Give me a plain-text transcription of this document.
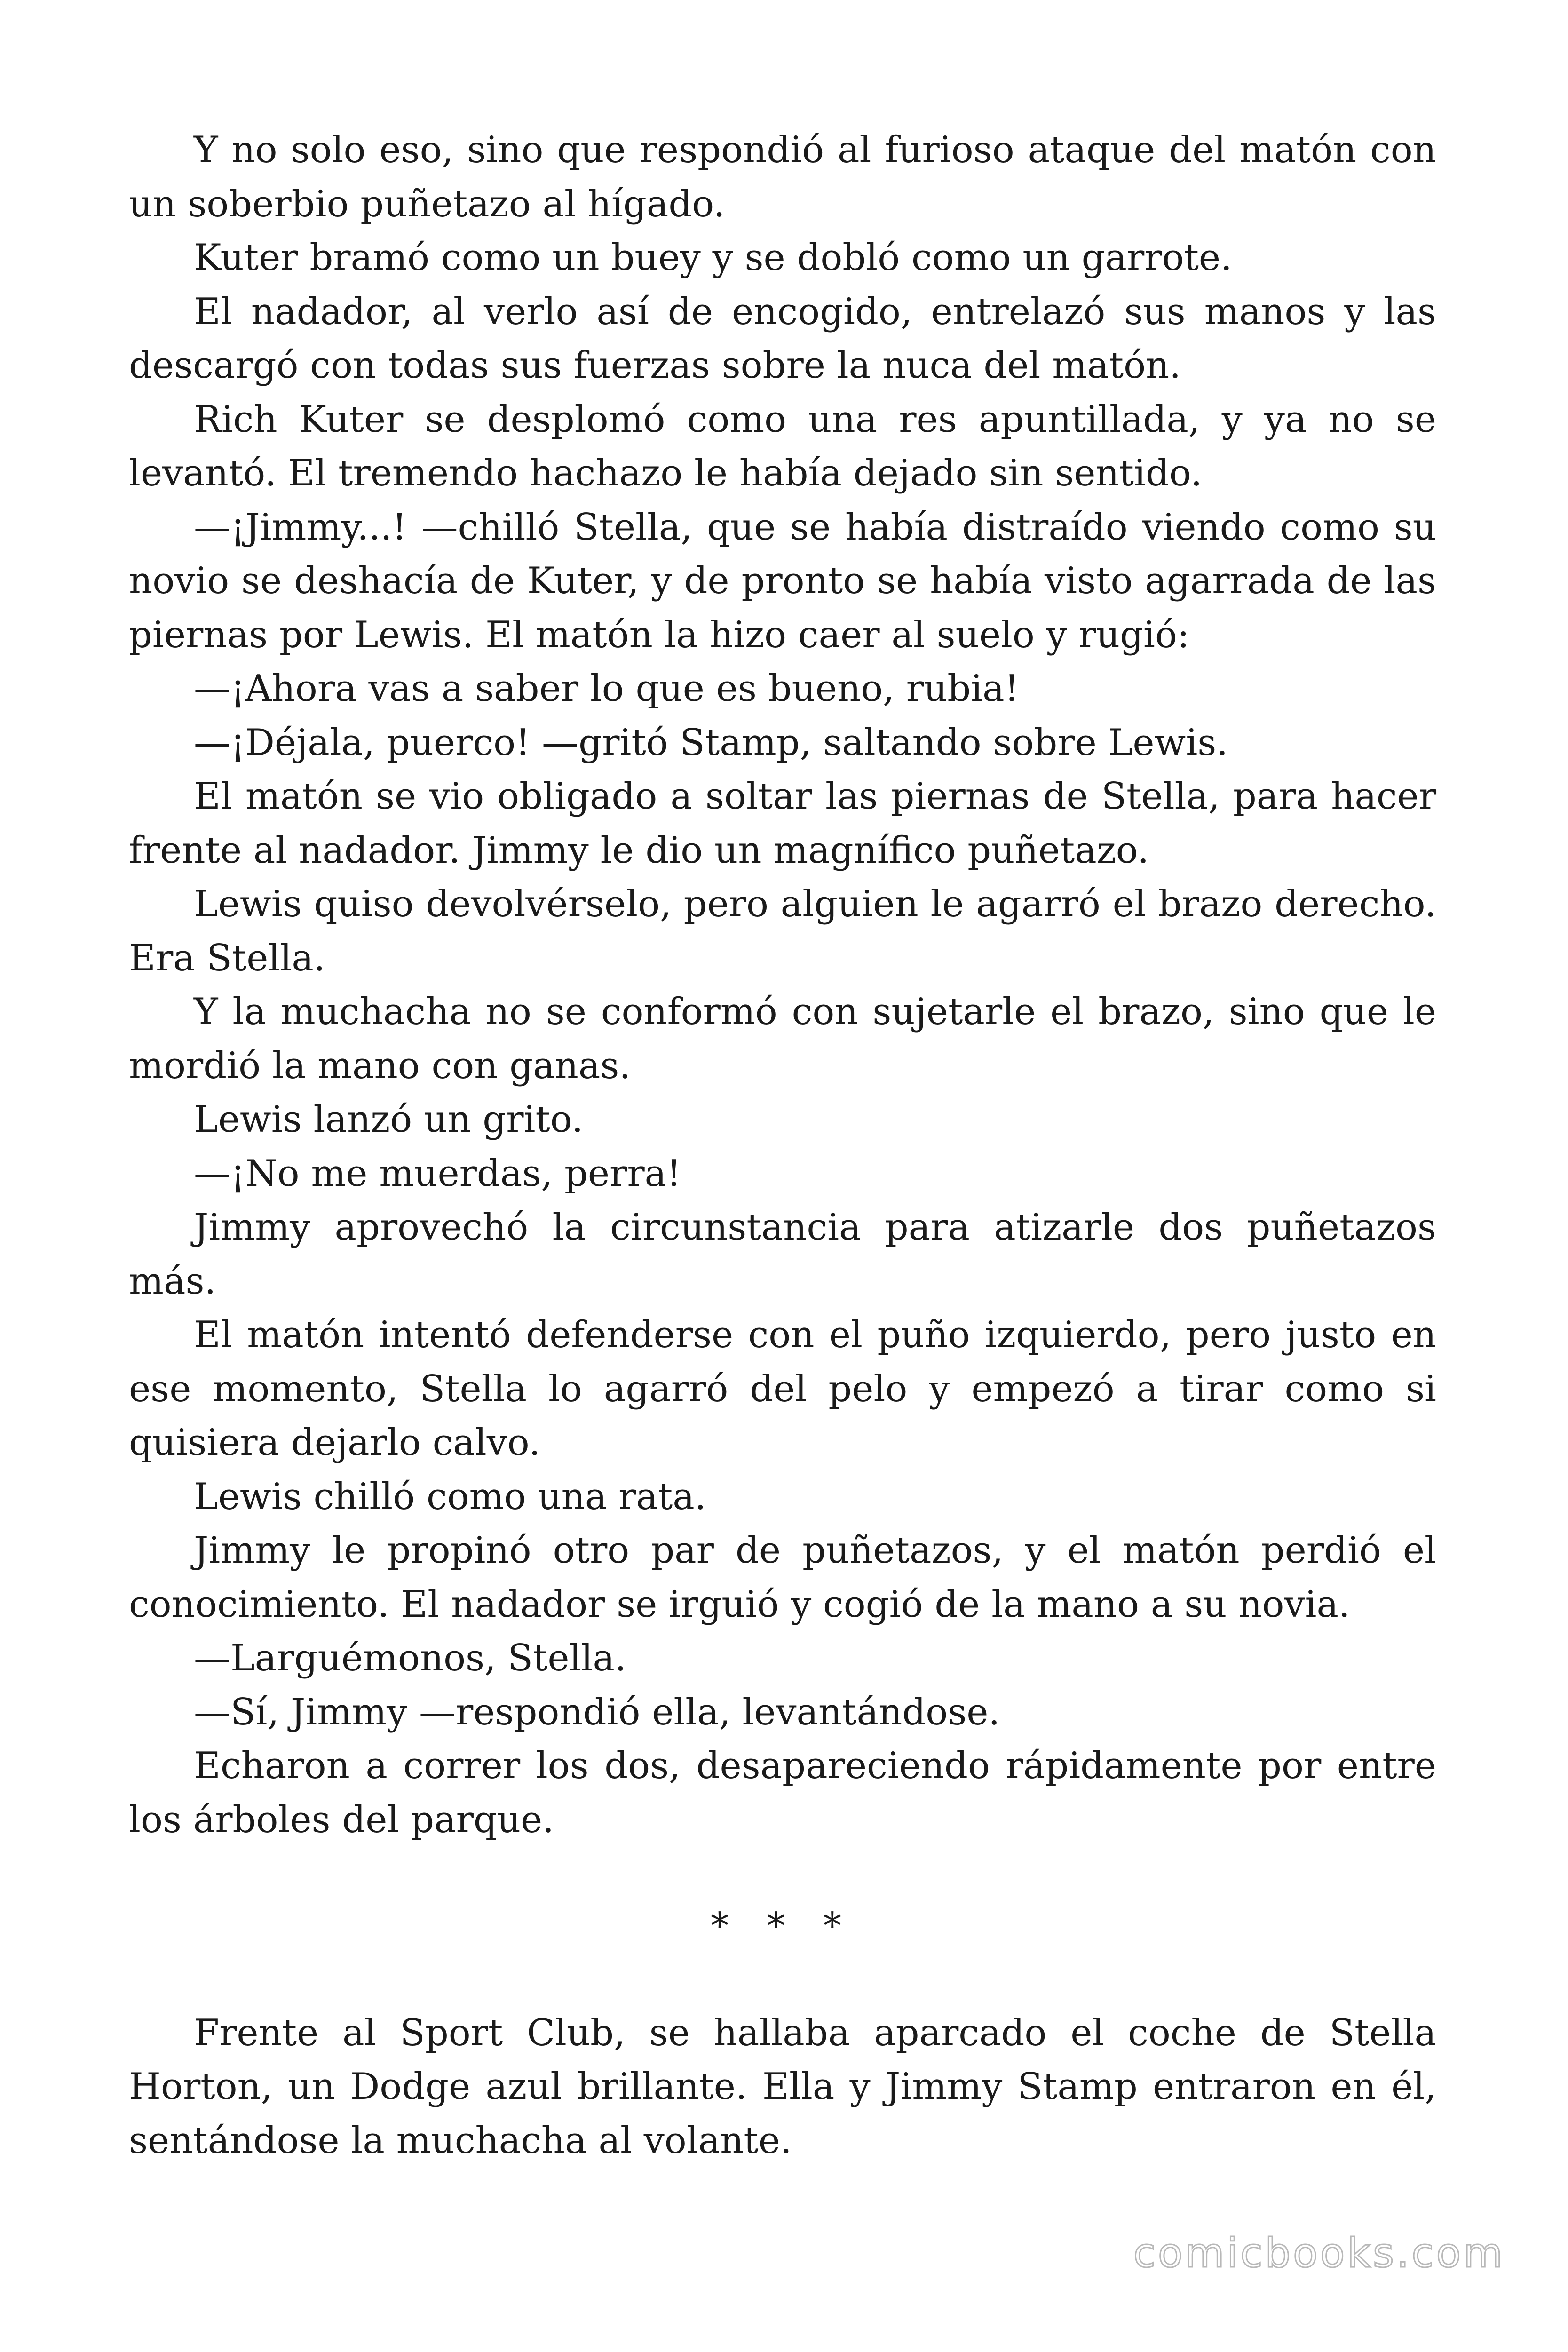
Y no solo eso, sino que respondió al furioso ataque del matón con un soberbio puñetazo al hígado.

Kuter bramó como un buey y se dobló como un garrote.

El nadador, al verlo así de encogido, entrelazó sus manos y las descargó con todas sus fuerzas sobre la nuca del matón.

Rich Kuter se desplomó como una res apuntillada, y ya no se levantó. El tremendo hachazo le había dejado sin sentido.

—¡Jimmy...! —chilló Stella, que se había distraído viendo como su novio se deshacía de Kuter, y de pronto se había visto agarrada de las piernas por Lewis. El matón la hizo caer al suelo y rugió:

—¡Ahora vas a saber lo que es bueno, rubia!

—¡Déjala, puerco! —gritó Stamp, saltando sobre Lewis.

El matón se vio obligado a soltar las piernas de Stella, para hacer frente al nadador. Jimmy le dio un magnífico puñetazo.

Lewis quiso devolvérselo, pero alguien le agarró el brazo derecho. Era Stella.

Y la muchacha no se conformó con sujetarle el brazo, sino que le mordió la mano con ganas.

Lewis lanzó un grito.

—¡No me muerdas, perra!

Jimmy aprovechó la circunstancia para atizarle dos puñetazos más.

El matón intentó defenderse con el puño izquierdo, pero justo en ese momento, Stella lo agarró del pelo y empezó a tirar como si quisiera dejarlo calvo.

Lewis chilló como una rata.

Jimmy le propinó otro par de puñetazos, y el matón perdió el conocimiento. El nadador se irguió y cogió de la mano a su novia.

—Larguémonos, Stella.

—Sí, Jimmy —respondió ella, levantándose.

Echaron a correr los dos, desapareciendo rápidamente por entre los árboles del parque.

* * *

Frente al Sport Club, se hallaba aparcado el coche de Stella Horton, un Dodge azul brillante. Ella y Jimmy Stamp entraron en él, sentándose la muchacha al volante.

comicbooks.com
